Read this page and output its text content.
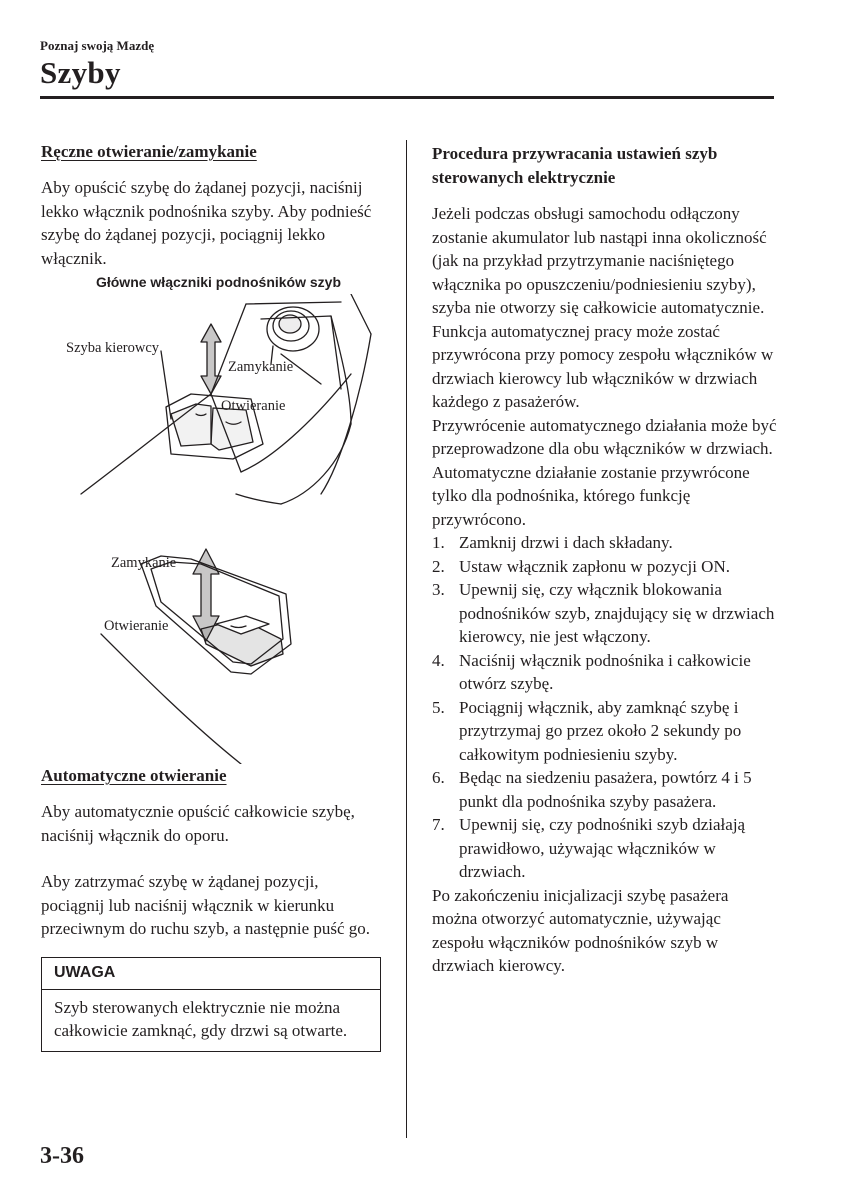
Poznaj swoją Mazdę
Szyby
Ręczne otwieranie/zamykanie

Aby opuścić szybę do żądanej pozycji, naciśnij lekko włącznik podnośnika szyby. Aby podnieść szybę do żądanej pozycji, pociągnij lekko włącznik.

Główne włączniki podnośników szyb
Szyba kierowcy
Zamykanie
Otwieranie
Zamykanie
Otwieranie
Automatyczne otwieranie

Aby automatycznie opuścić całkowicie szybę, naciśnij włącznik do oporu.

Aby zatrzymać szybę w żądanej pozycji, pociągnij lub naciśnij włącznik w kierunku przeciwnym do ruchu szyb, a następnie puść go.

UWAGA
Szyb sterowanych elektrycznie nie można całkowicie zamknąć, gdy drzwi są otwarte.
Procedura przywracania ustawień szyb sterowanych elektrycznie

Jeżeli podczas obsługi samochodu odłączony zostanie akumulator lub nastąpi inna okoliczność (jak na przykład przytrzymanie naciśniętego włącznika po opuszczeniu/podniesieniu szyby), szyba nie otworzy się całkowicie automatycznie. Funkcja automatycznej pracy może zostać przywrócona przy pomocy zespołu włączników w drzwiach kierowcy lub włączników w drzwiach każdego z pasażerów.

Przywrócenie automatycznego działania może być przeprowadzone dla obu włączników w drzwiach. Automatyczne działanie zostanie przywrócone tylko dla podnośnika, którego funkcję przywrócono.

1. Zamknij drzwi i dach składany.
2. Ustaw włącznik zapłonu w pozycji ON.
3. Upewnij się, czy włącznik blokowania podnośników szyb, znajdujący się w drzwiach kierowcy, nie jest włączony.
4. Naciśnij włącznik podnośnika i całkowicie otwórz szybę.
5. Pociągnij włącznik, aby zamknąć szybę i przytrzymaj go przez około 2 sekundy po całkowitym podniesieniu szyby.
6. Będąc na siedzeniu pasażera, powtórz 4 i 5 punkt dla podnośnika szyby pasażera.
7. Upewnij się, czy podnośniki szyb działają prawidłowo, używając włączników w drzwiach.

Po zakończeniu inicjalizacji szybę pasażera można otworzyć automatycznie, używając zespołu włączników podnośników szyb w drzwiach kierowcy.

3-36
